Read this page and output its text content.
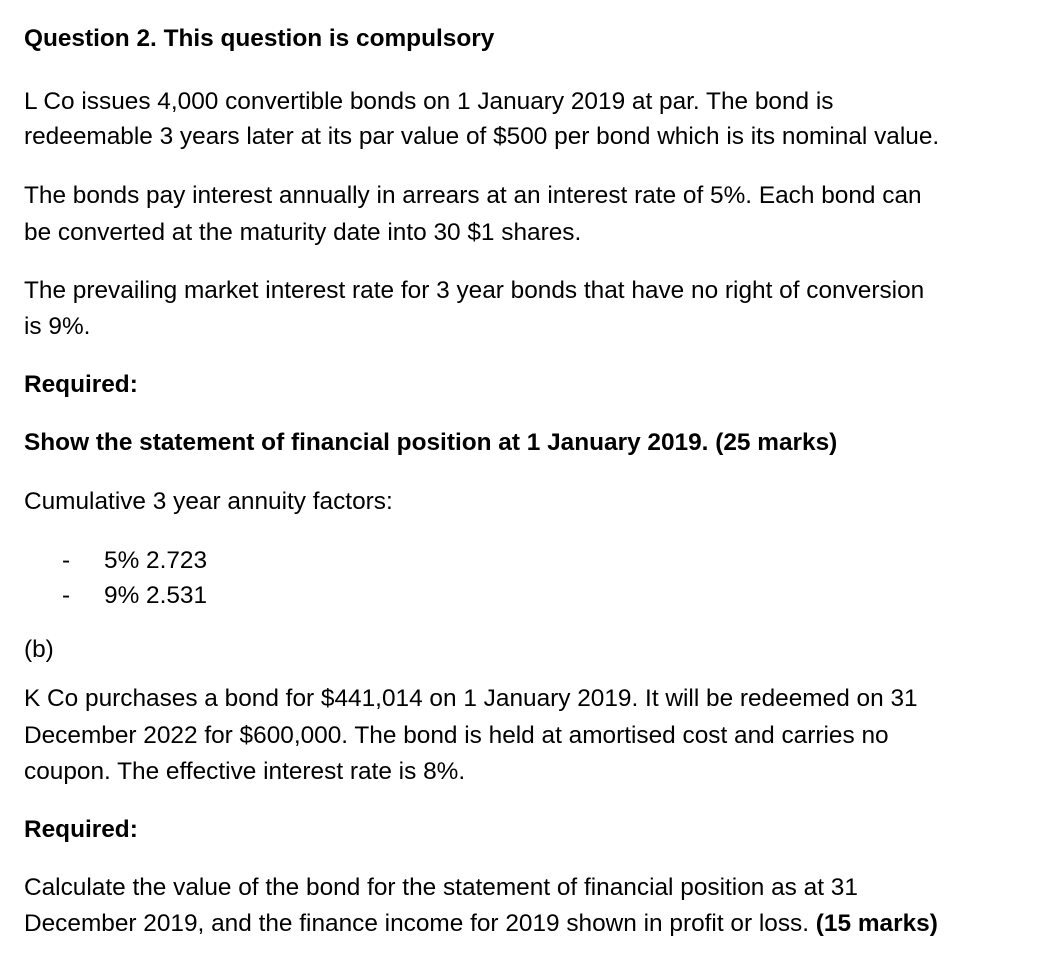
Question 2. This question is compulsory
L Co issues 4,000 convertible bonds on 1 January 2019 at par. The bond is
redeemable 3 years later at its par value of $500 per bond which is its nominal value.
The bonds pay interest annually in arrears at an interest rate of 5%. Each bond can
be converted at the maturity date into 30 $1 shares.
The prevailing market interest rate for 3 year bonds that have no right of conversion
is 9%.
Required:
Show the statement of financial position at 1 January 2019. (25 marks)
Cumulative 3 year annuity factors:
- 5% 2.723
- 9% 2.531
(b)
K Co purchases a bond for $441,014 on 1 January 2019. It will be redeemed on 31
December 2022 for $600,000. The bond is held at amortised cost and carries no
coupon. The effective interest rate is 8%.
Required:
Calculate the value of the bond for the statement of financial position as at 31
December 2019, and the finance income for 2019 shown in profit or loss. (15 marks)
